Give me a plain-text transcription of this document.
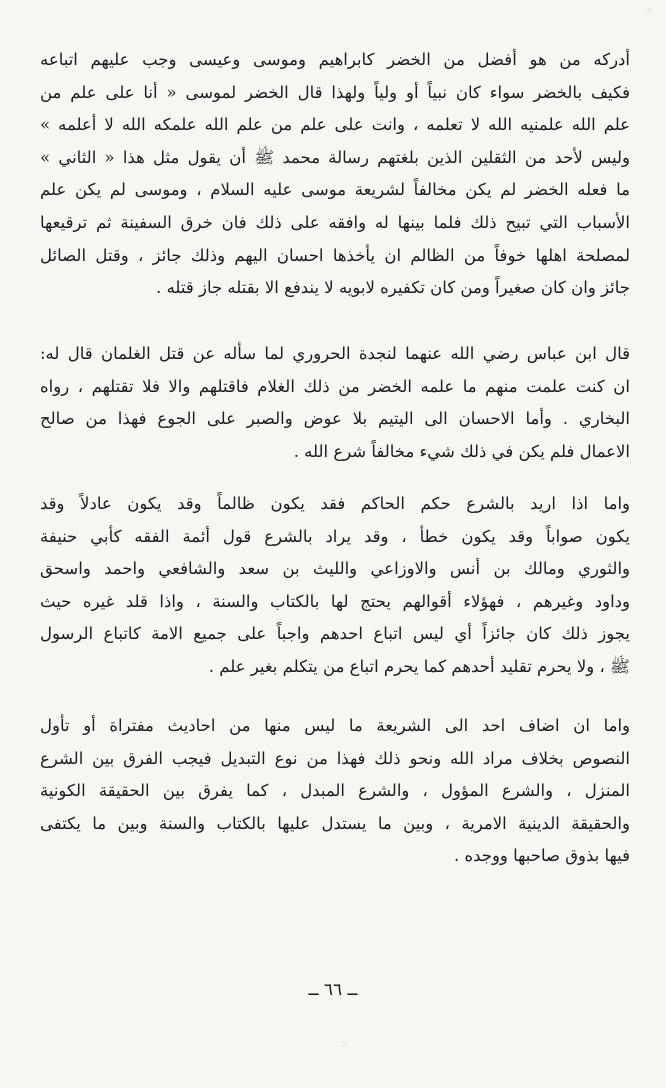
⁘
أدركه من هو أفضل من الخضر كابراهيم وموسى وعيسى وجب عليهم اتباعه
فكيف بالخضر سواء كان نبياً أو ولياً ولهذا قال الخضر لموسى « أنا على علم من
علم الله علمنيه الله لا تعلمه ، وانت على علم من علم الله علمكه الله لا أعلمه »
وليس لأحد من الثقلين الذين بلغتهم رسالة محمد ﷺ أن يقول مثل هذا « الثاني »
ما فعله الخضر لم يكن مخالفاً لشريعة موسى عليه السلام ، وموسى لم يكن علم
الأسباب التي تبيح ذلك فلما بينها له وافقه على ذلك فان خرق السفينة ثم ترقيعها
لمصلحة اهلها خوفاً من الظالم ان يأخذها احسان اليهم وذلك جائز ، وقتل الصائل
جائز وان كان صغيراً ومن كان تكفيره لابويه لا يندفع الا بقتله جاز قتله .
قال ابن عباس رضي الله عنهما لنجدة الحروري لما سأله عن قتل الغلمان قال له:
ان كنت علمت منهم ما علمه الخضر من ذلك الغلام فاقتلهم والا فلا تقتلهم ، رواه
البخاري . وأما الاحسان الى اليتيم بلا عوض والصبر على الجوع فهذا من صالح
الاعمال فلم يكن في ذلك شيء مخالفاً شرع الله .
واما اذا اريد بالشرع حكم الحاكم فقد يكون ظالماً وقد يكون عادلاً وقد
يكون صواباً وقد يكون خطأ ، وقد يراد بالشرع قول أئمة الفقه كأبي حنيفة
والثوري ومالك بن أنس والاوزاعي والليث بن سعد والشافعي واحمد واسحق
وداود وغيرهم ، فهؤلاء أقوالهم يحتج لها بالكتاب والسنة ، واذا قلد غيره حيث
يجوز ذلك كان جائزاً أي ليس اتباع احدهم واجباً على جميع الامة كاتباع الرسول
ﷺ ، ولا يحرم تقليد أحدهم كما يحرم اتباع من يتكلم بغير علم .
واما ان اضاف احد الى الشريعة ما ليس منها من احاديث مفتراة أو تأول
النصوص بخلاف مراد الله ونحو ذلك فهذا من نوع التبديل فيجب الفرق بين الشرع
المنزل ، والشرع المؤول ، والشرع المبدل ، كما يفرق بين الحقيقة الكونية
والحقيقة الدينية الامرية ، وبين ما يستدل عليها بالكتاب والسنة وبين ما يكتفى
فيها بذوق صاحبها ووجده .
ــ ٦٦ ــ
ˏ
